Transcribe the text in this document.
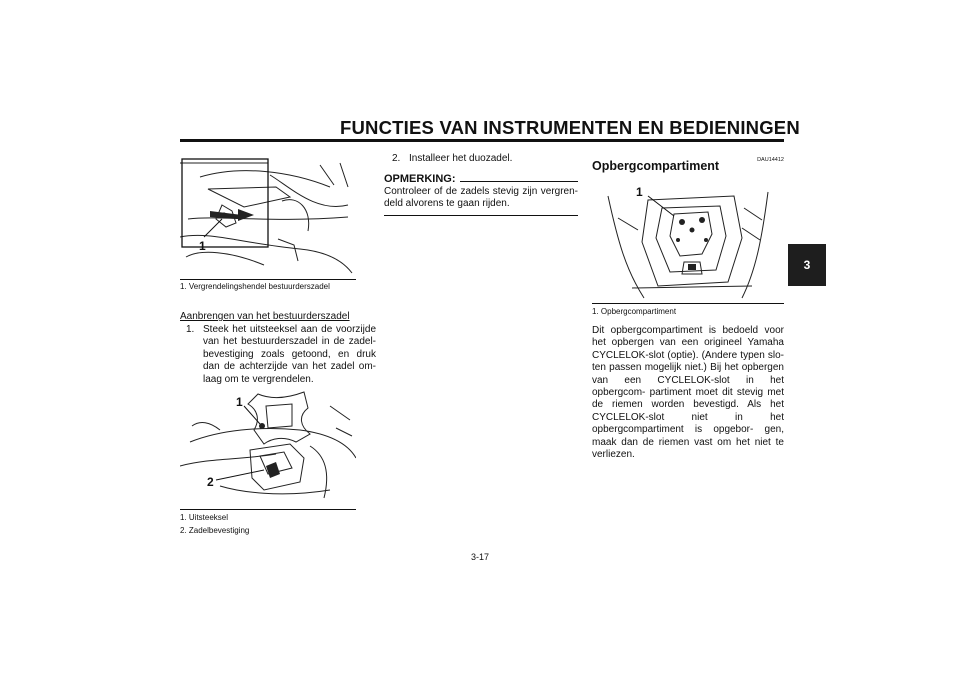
FUNCTIES VAN INSTRUMENTEN EN BEDIENINGEN
3
1
1. Vergrendelingshendel bestuurderszadel
Aanbrengen van het bestuurderszadel
1. Steek het uitsteeksel aan de voorzijde van het bestuurderszadel in de zadel- bevestiging zoals getoond, en druk dan de achterzijde van het zadel om- laag om te vergrendelen.
1
2
1. Uitsteeksel
2. Zadelbevestiging
2. Installeer het duozadel.
OPMERKING:
Controleer of de zadels stevig zijn vergren- deld alvorens te gaan rijden.
DAU14412
Opbergcompartiment
1
1. Opbergcompartiment
Dit opbergcompartiment is bedoeld voor het opbergen van een origineel Yamaha CYCLELOK-slot (optie). (Andere typen slo- ten passen mogelijk niet.) Bij het opbergen van een CYCLELOK-slot in het opbergcom- partiment moet dit stevig met de riemen worden bevestigd. Als het CYCLELOK-slot niet in het opbergcompartiment is opgebor- gen, maak dan de riemen vast om het niet te verliezen.
3-17
